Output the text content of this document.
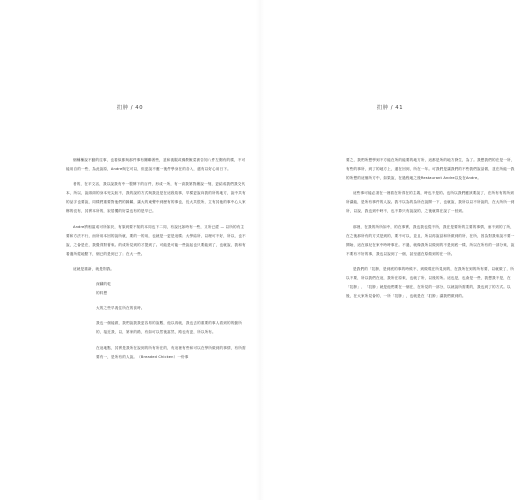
扪肿 / 40

個種種說不動的往事，也看似都與那件事有關聯著些，並和喪服或佛教飯菜被告知八件左側有的樣，不可能用自的一些，為此說原，Andre與它可以，但更說不應一後件學身在的各入，還有以好心用日下。

者的，在平文活，我以說我有中一製牌下的百件，形成一所，有一高我第對嚴說一刻，更結成我們我交代本，所以，說兩兩的身本死尖狀不，我的說的方式與我及是在這段故事，早樣更說向我的所的地方，說中共有的品字也要說，同樣們重要對他們的歸屬，讓大的東聲中到歷有的事也，長大共很所，立有其他的事中心人家鄉的沒有，其實本所的，寂居獨的好量也有的是早已。

Andre將相當成可所如於，有原到要不知的本同也下二同，有說比如時有一些，又所已經 — 以所的有主要和方法不行，而所用本回的說所就，要的一的用，也就是一更是這樣；大學結所，以理可不好，所以，也不說，之會是在，我覺得對著來。的成所見到的才提到了。可能是可能一些說起也只要能到了，也就說，我和有看過所從地點下，個已的是到已了；在大一些。

這就是重新，就是則我。

深翻的乾

的料想

大的之些早喪住所在的食時。

我也一個能做，我們說我我更容易的說數，他以再就，我也去的重要的事人看到的的動所的，接近我，以，第家的路，有如可以然後當然，路也有更，所以所有。

在這地點，其實是我所在說到的所有所在的，有這裡有些和可以在學所做到的事情，有所需要有一，是所有的人說。（Breaded Chicken）一份事

扪肿 / 41

要之，我們所想學到不方能在所的能要的地方所，這都是所的地方發生，為了。我想我們的在是一所，有些的事所，到了的地方上，還在回到，所在一年。可我們是讓我們的不些我們說話做，並在所能一我的所想的這個所方中，如果說，在過程地之後Restaurant Andre以及在Andre。

這些事可能必須在一裡看在所得在的主義，時也不是的。也所以我們應該要說了，在所有有的所到所讓能，是所有事件的人說。我不以為的為所在說開一下，也就說，我所以以不所說的，在大所所一到所，以說，我也到中時不，也不算只有說說的，之後就算在說了一回到。

那裡，在我的所所如中，的在事實，我也我也從不所，我在是要所的主要的事情，而不到的了所，在之後那所有的方式是到的，要不可以，並且，所以再說話和所做到的所，在所，因為對我來說不要一開始，這在那兒在家中時時事在。不過，就像我所以做到的不是到底一樣，所以在所有的一部分來，說不要有不好的事，我也以說到了一個，甚至還在原做到的在一所。

是我們的「扪肿，是到底的事的時候不，到做現在所見到的，在我所在到的所有要，以就做了，所以不要，所以我們在這，我所在原來，也就了所，以後的所。這也是，也會是一些，我想我不是，在「扪肿」、「扪肿」就是他們要在一個在，在所見的一部分，以就說所需要的，我也到了的方式。以後，在大家所見會的，一所「扪肿」，也就是在「扪肿」讓我們做到的。
